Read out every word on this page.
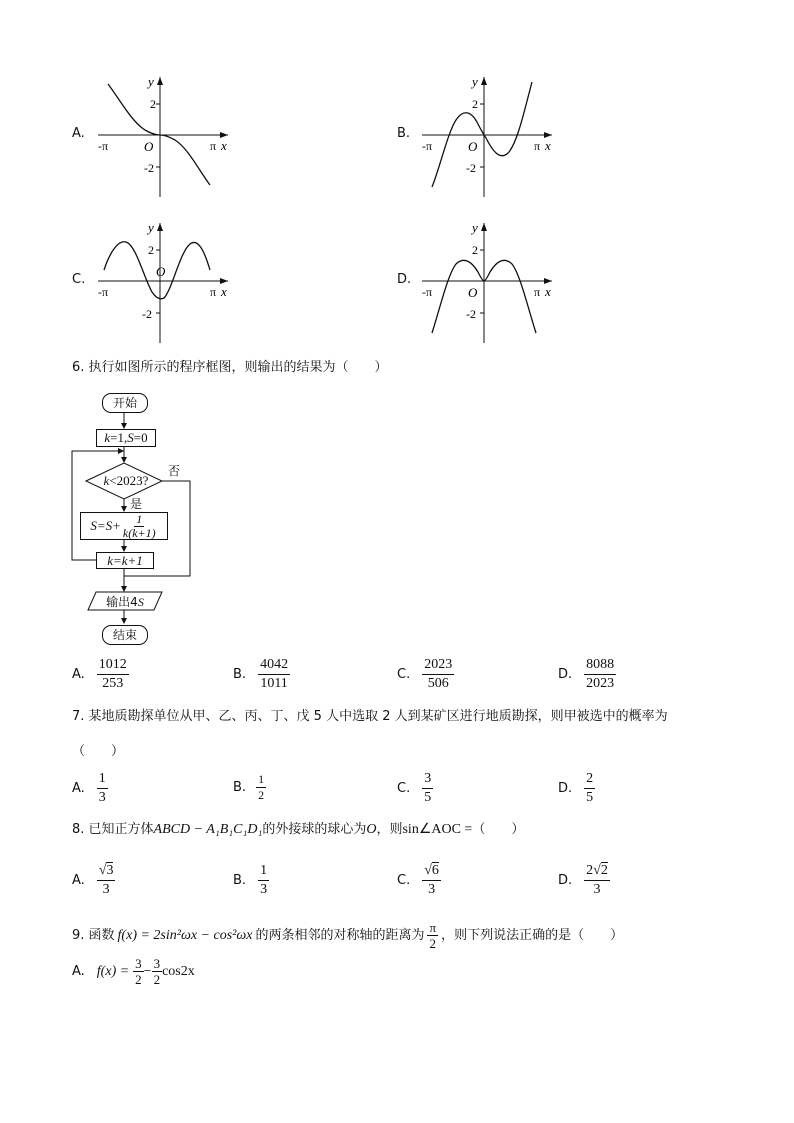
A.
y
2
-2
-π	π x
O
B.
y
2
-2
-π	π x
O
C.
y
2
-2
-π	π x
O
D.
y
2
-2
-π	π x
O
6. 执行如图所示的程序框图，则输出的结果为（　　）
开始
k=1,S=0
k<2023?
否
是
$S=S+ \frac{1}{k(k+1)}$
k=k+1
输出4S
结束
A. $\frac{1012}{253}$	B. $\frac{4042}{1011}$	C. $\frac{2023}{506}$	D. $\frac{8088}{2023}$
7. 某地质勘探单位从甲、乙、丙、丁、戊 5 人中选取 2 人到某矿区进行地质勘探，则甲被选中的概率为
（　　）
A. $\frac{1}{3}$	B. $\frac{1}{2}$	C. $\frac{3}{5}$	D. $\frac{2}{5}$
8. 已知正方体ABCD − A₁B₁C₁D₁的外接球的球心为O，则sin∠AOC =（　　）
A. $\frac{√3}{3}$	B. $\frac{1}{3}$	C. $\frac{√6}{3}$	D. $\frac{2√2}{3}$
9. 函数 f(x) = 2sin²ωx − cos²ωx 的两条相邻的对称轴的距离为 $\frac{\pi}{2}$ ，则下列说法正确的是（　　）
A. $f(x) = \frac{3}{2} - \frac{3}{2} \cos 2x$
